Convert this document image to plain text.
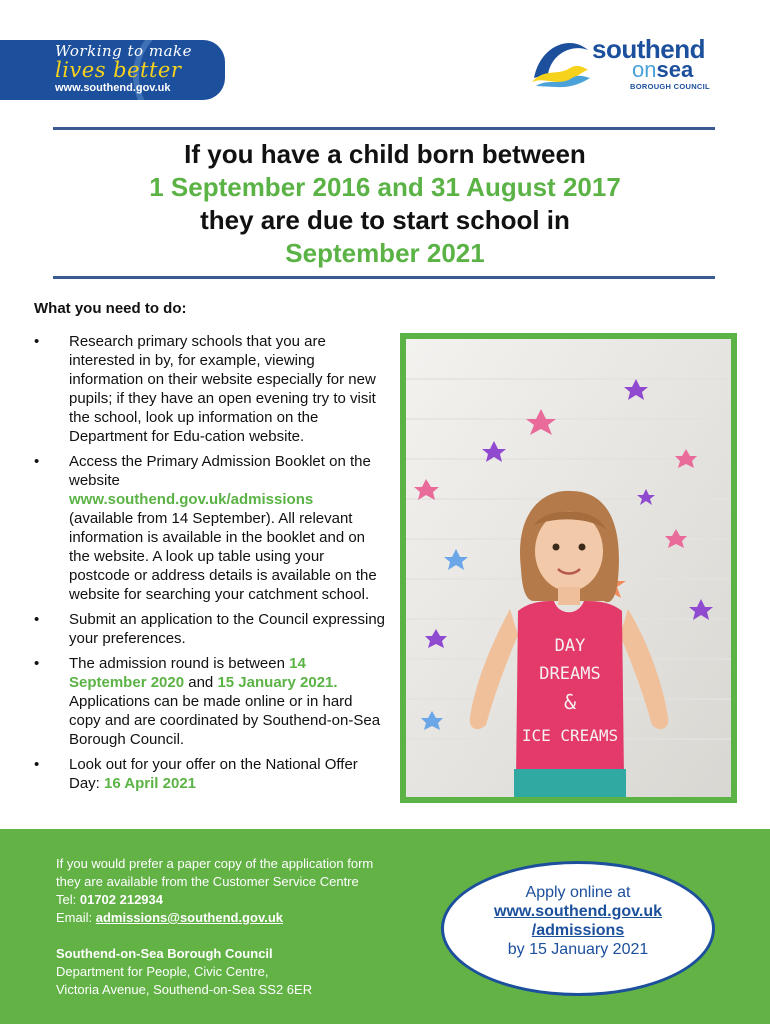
Working to make
lives better
www.southend.gov.uk
southend
onsea
BOROUGH COUNCIL
If you have a child born between
1 September 2016 and 31 August 2017
they are due to start school in
September 2021
What you need to do:
• Research primary schools that you are interested in by, for example, viewing information on their website especially for new pupils; if they have an open evening try to visit the school, look up information on the Department for Edu-cation website.
• Access the Primary Admission Booklet on the website
www.southend.gov.uk/admissions
(available from 14 September). All relevant information is available in the booklet and on the website. A look up table using your postcode or address details is available on the website for searching your catchment school.
• Submit an application to the Council expressing your preferences.
• The admission round is between 14 September 2020 and 15 January 2021. Applications can be made online or in hard copy and are coordinated by Southend-on-Sea Borough Council.
• Look out for your offer on the National Offer Day: 16 April 2021
DAY
DREAMS
&
ICE CREAMS
If you would prefer a paper copy of the application form
they are available from the Customer Service Centre
Tel: 01702 212934
Email: admissions@southend.gov.uk
Southend-on-Sea Borough Council
Department for People, Civic Centre,
Victoria Avenue, Southend-on-Sea SS2 6ER
Apply online at
www.southend.gov.uk
/admissions
by 15 January 2021
